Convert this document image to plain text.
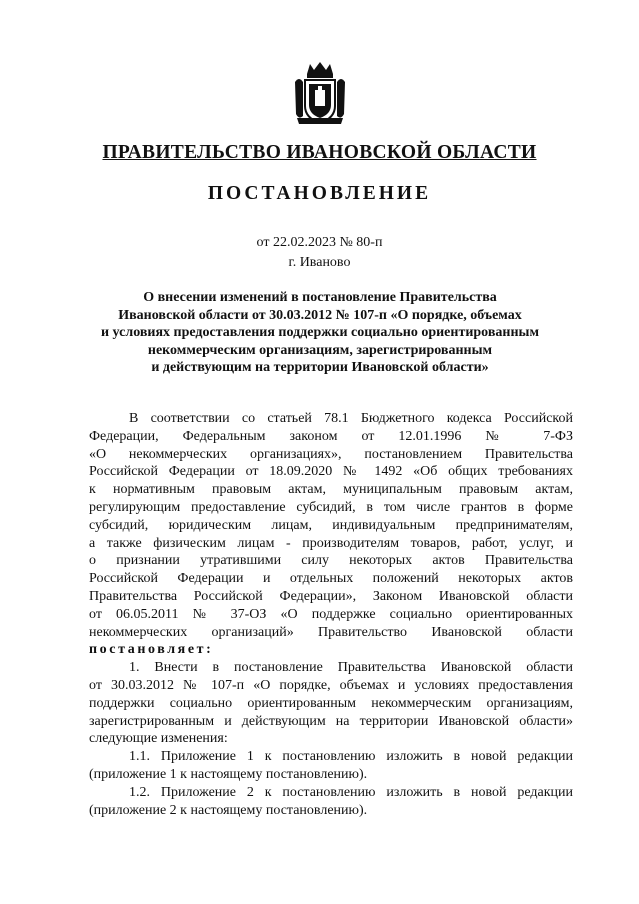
ПРАВИТЕЛЬСТВО ИВАНОВСКОЙ ОБЛАСТИ
ПОСТАНОВЛЕНИЕ
от 22.02.2023 № 80-п
г. Иваново
О внесении изменений в постановление Правительства
Ивановской области от 30.03.2012 № 107-п «О порядке, объемах
и условиях предоставления поддержки социально ориентированным
некоммерческим организациям, зарегистрированным
и действующим на территории Ивановской области»
В соответствии со статьей 78.1 Бюджетного кодекса Российской
Федерации, Федеральным законом от 12.01.1996 № 7-ФЗ
«О некоммерческих организациях», постановлением Правительства
Российской Федерации от 18.09.2020 № 1492 «Об общих требованиях
к нормативным правовым актам, муниципальным правовым актам,
регулирующим предоставление субсидий, в том числе грантов в форме
субсидий, юридическим лицам, индивидуальным предпринимателям,
а также физическим лицам - производителям товаров, работ, услуг, и
о признании утратившими силу некоторых актов Правительства
Российской Федерации и отдельных положений некоторых актов
Правительства Российской Федерации», Законом Ивановской области
от 06.05.2011 № 37-ОЗ «О поддержке социально ориентированных
некоммерческих организаций» Правительство Ивановской области
постановляет:
1. Внести в постановление Правительства Ивановской области
от 30.03.2012 № 107-п «О порядке, объемах и условиях предоставления
поддержки социально ориентированным некоммерческим организациям,
зарегистрированным и действующим на территории Ивановской области»
следующие изменения:
1.1. Приложение 1 к постановлению изложить в новой редакции
(приложение 1 к настоящему постановлению).
1.2. Приложение 2 к постановлению изложить в новой редакции
(приложение 2 к настоящему постановлению).
